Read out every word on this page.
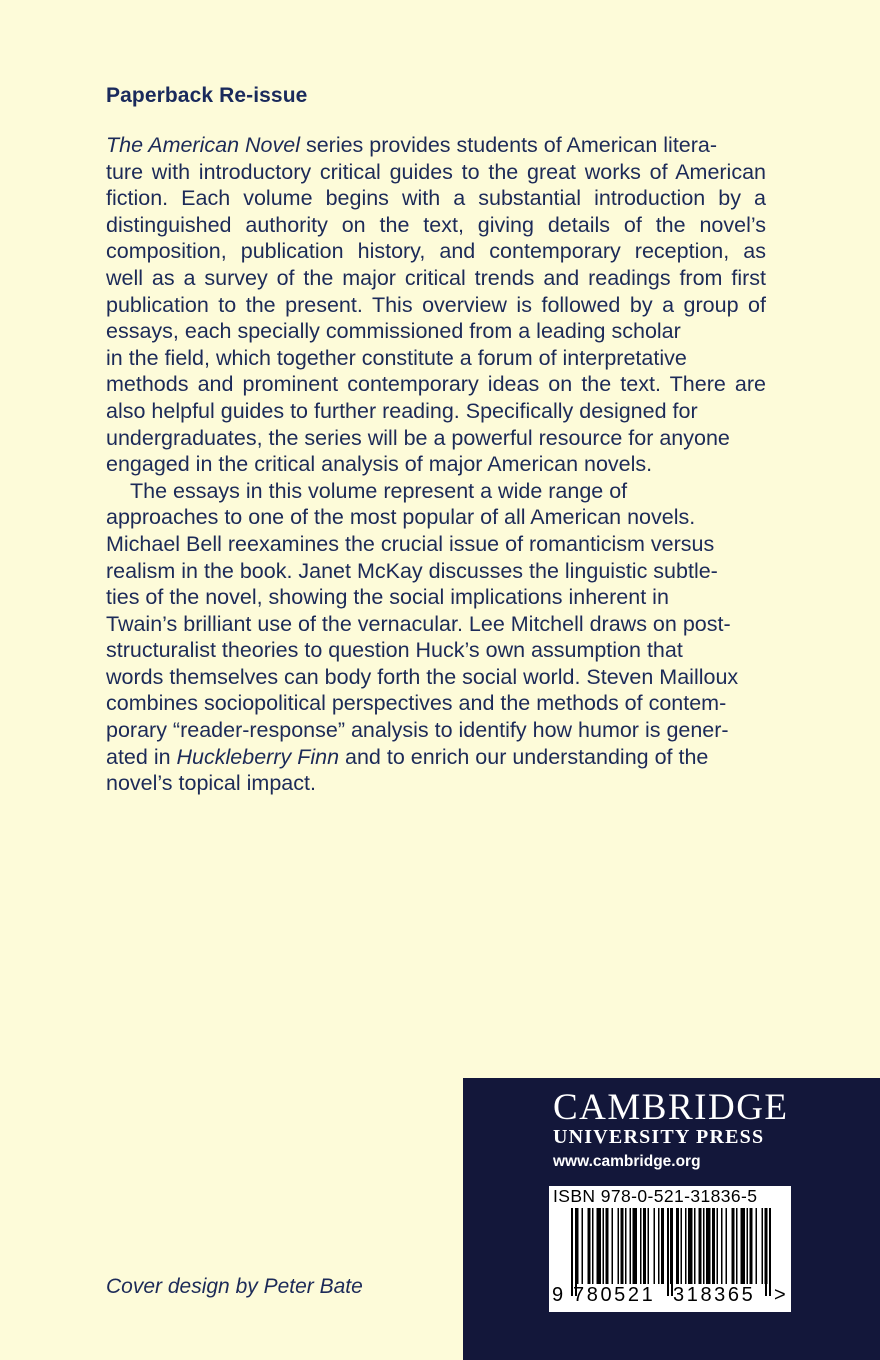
Paperback Re-issue
The American Novel series provides students of American litera-
ture with introductory critical guides to the great works of American
fiction. Each volume begins with a substantial introduction by a
distinguished authority on the text, giving details of the novel’s
composition, publication history, and contemporary reception, as
well as a survey of the major critical trends and readings from first
publication to the present. This overview is followed by a group of
essays, each specially commissioned from a leading scholar
in the field, which together constitute a forum of interpretative
methods and prominent contemporary ideas on the text. There are
also helpful guides to further reading. Specifically designed for
undergraduates, the series will be a powerful resource for anyone
engaged in the critical analysis of major American novels.
The essays in this volume represent a wide range of
approaches to one of the most popular of all American novels.
Michael Bell reexamines the crucial issue of romanticism versus
realism in the book. Janet McKay discusses the linguistic subtle-
ties of the novel, showing the social implications inherent in
Twain’s brilliant use of the vernacular. Lee Mitchell draws on post-
structuralist theories to question Huck’s own assumption that
words themselves can body forth the social world. Steven Mailloux
combines sociopolitical perspectives and the methods of contem-
porary “reader-response” analysis to identify how humor is gener-
ated in Huckleberry Finn and to enrich our understanding of the
novel’s topical impact.
Cover design by Peter Bate
CAMBRIDGE
UNIVERSITY PRESS
www.cambridge.org
ISBN 978-0-521-31836-5
9 780521 318365 >
